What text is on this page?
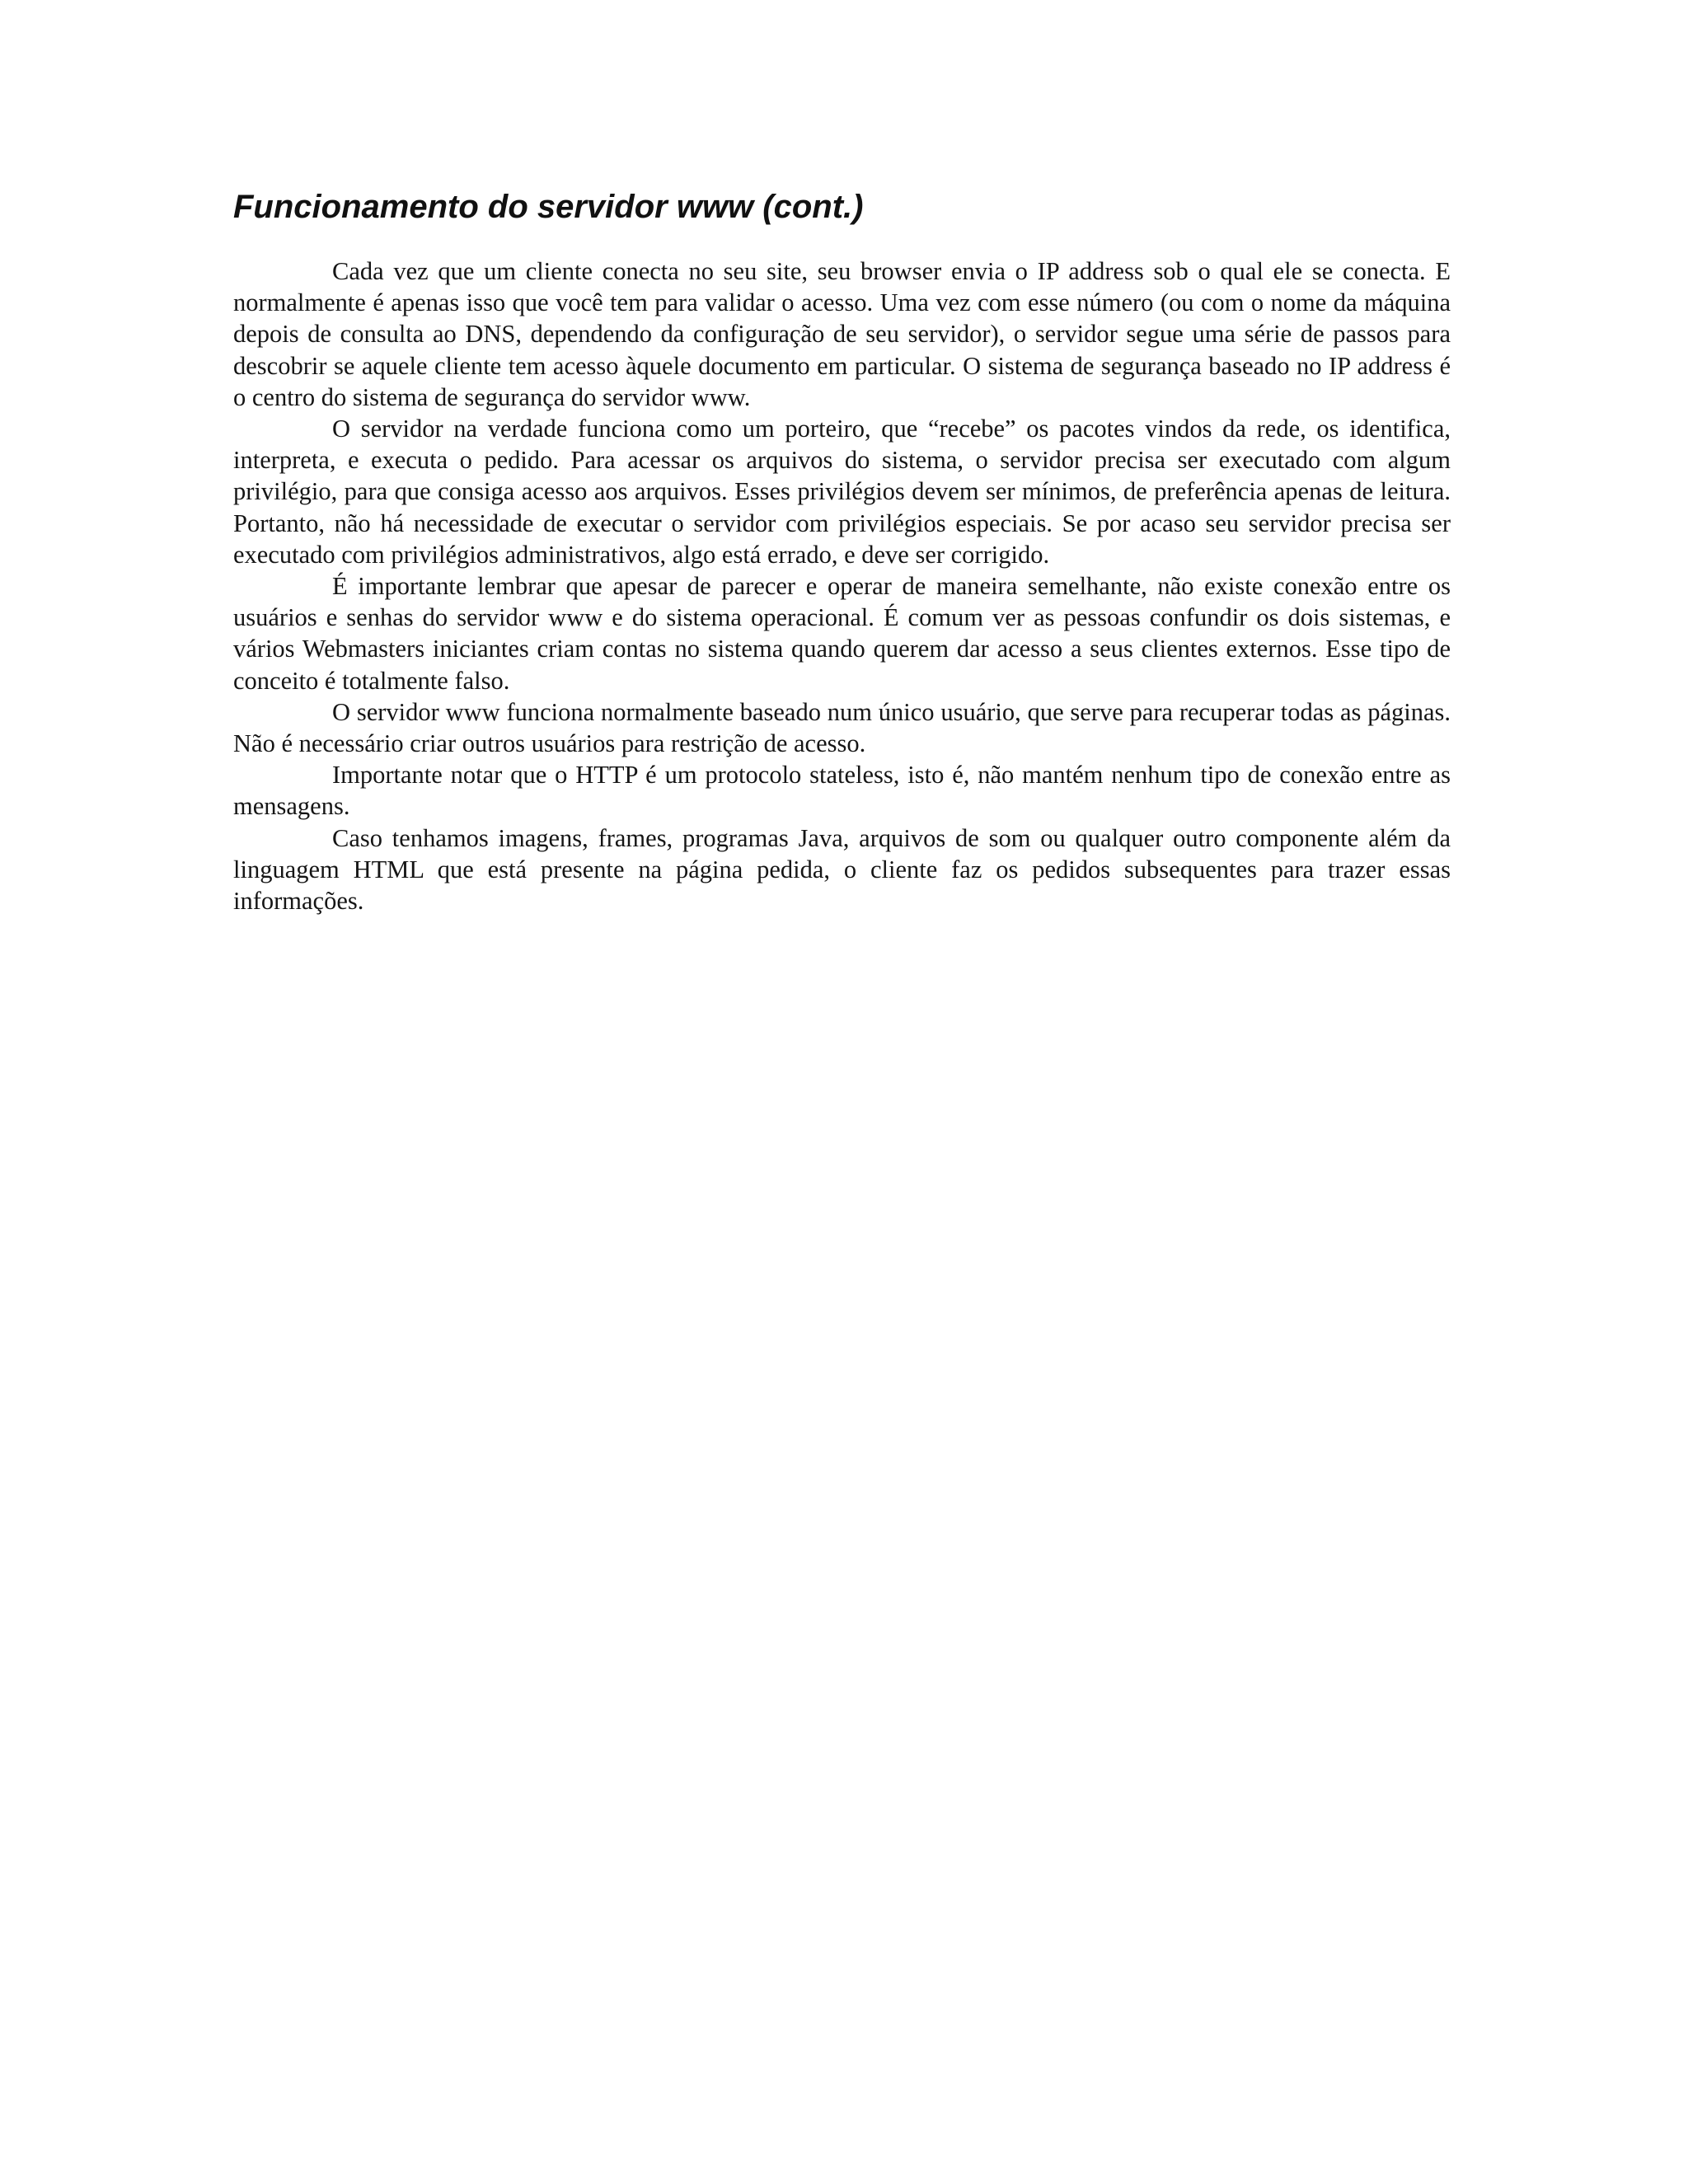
Funcionamento do servidor www (cont.)

Cada vez que um cliente conecta no seu site, seu browser envia o IP address sob o qual ele se conecta. E normalmente é apenas isso que você tem para validar o acesso. Uma vez com esse número (ou com o nome da máquina depois de consulta ao DNS, dependendo da configuração de seu servidor), o servidor segue uma série de passos para descobrir se aquele cliente tem acesso àquele documento em particular. O sistema de segurança baseado no IP address é o centro do sistema de segurança do servidor www.

O servidor na verdade funciona como um porteiro, que “recebe” os pacotes vindos da rede, os identifica, interpreta, e executa o pedido. Para acessar os arquivos do sistema, o servidor precisa ser executado com algum privilégio, para que consiga acesso aos arquivos. Esses privilégios devem ser mínimos, de preferência apenas de leitura. Portanto, não há necessidade de executar o servidor com privilégios especiais. Se por acaso seu servidor precisa ser executado com privilégios administrativos, algo está errado, e deve ser corrigido.

É importante lembrar que apesar de parecer e operar de maneira semelhante, não existe conexão entre os usuários e senhas do servidor www e do sistema operacional. É comum ver as pessoas confundir os dois sistemas, e vários Webmasters iniciantes criam contas no sistema quando querem dar acesso a seus clientes externos. Esse tipo de conceito é totalmente falso.

O servidor www funciona normalmente baseado num único usuário, que serve para recuperar todas as páginas. Não é necessário criar outros usuários para restrição de acesso.

Importante notar que o HTTP é um protocolo stateless, isto é, não mantém nenhum tipo de conexão entre as mensagens.

Caso tenhamos imagens, frames, programas Java, arquivos de som ou qualquer outro componente além da linguagem HTML que está presente na página pedida, o cliente faz os pedidos subsequentes para trazer essas informações.
